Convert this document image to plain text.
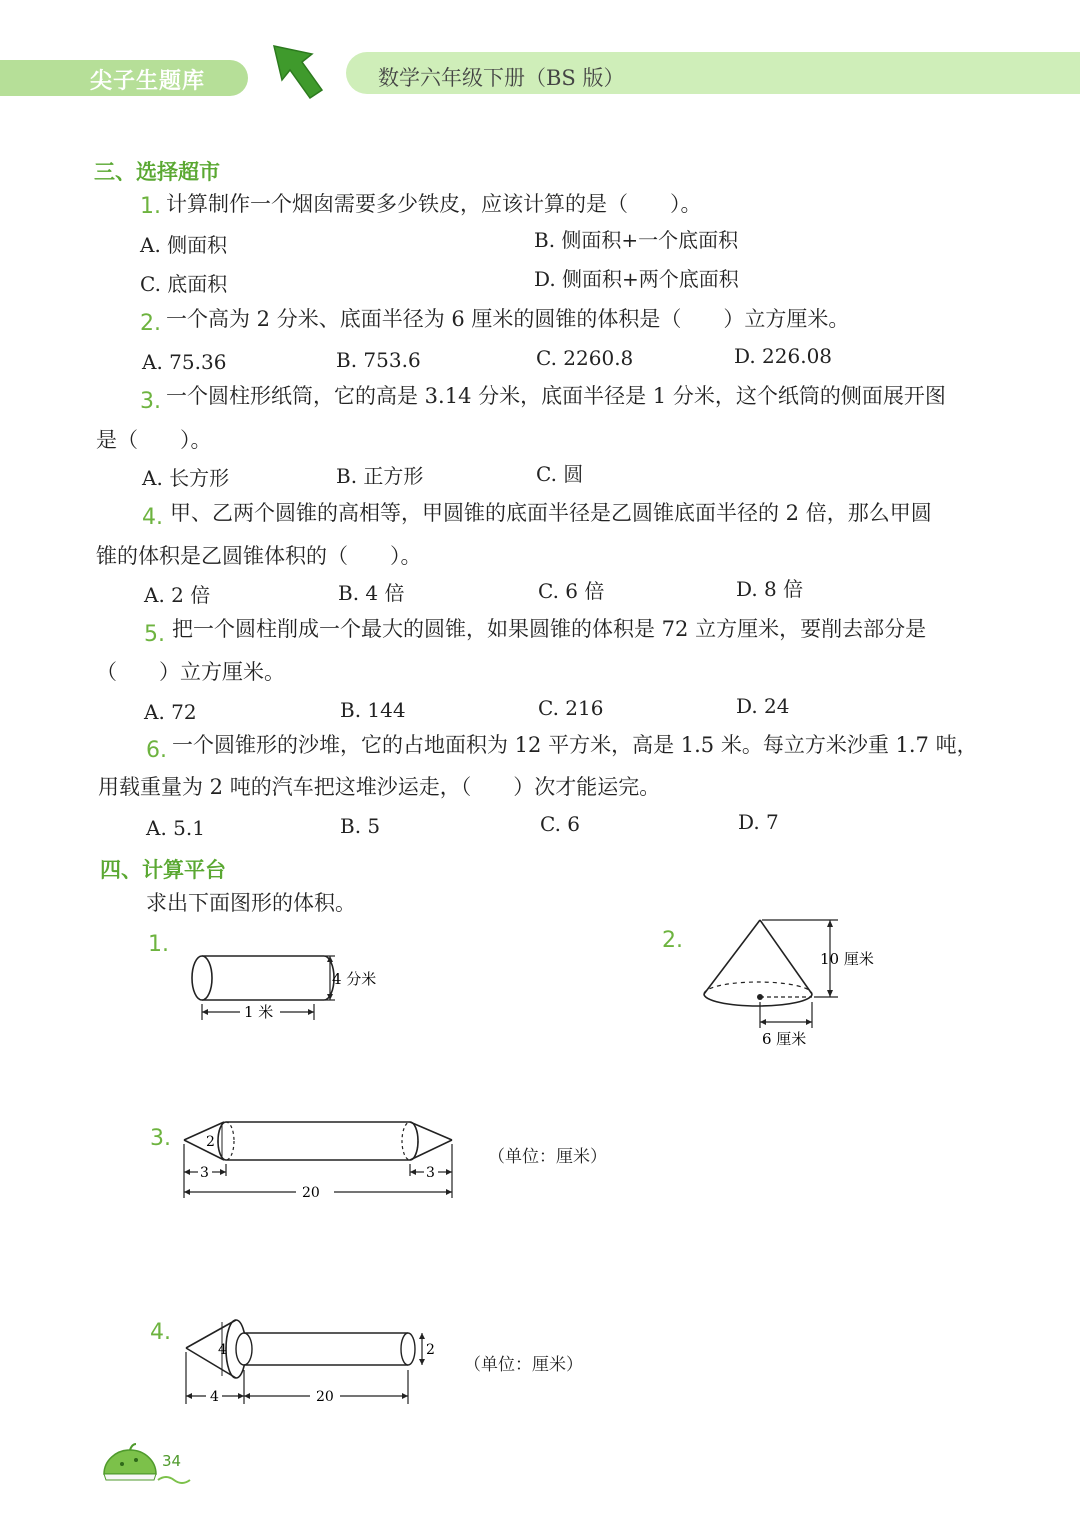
尖子生题库	数学六年级下册（BS 版）
三、选择超市
1. 计算制作一个烟囱需要多少铁皮，应该计算的是（　　）。
A. 侧面积	B. 侧面积+一个底面积
C. 底面积	D. 侧面积+两个底面积
2. 一个高为 2 分米、底面半径为 6 厘米的圆锥的体积是（　　）立方厘米。
A. 75.36	B. 753.6	C. 2260.8	D. 226.08
3. 一个圆柱形纸筒，它的高是 3.14 分米，底面半径是 1 分米，这个纸筒的侧面展开图
是（　　）。
A. 长方形	B. 正方形	C. 圆
4. 甲、乙两个圆锥的高相等，甲圆锥的底面半径是乙圆锥底面半径的 2 倍，那么甲圆
锥的体积是乙圆锥体积的（　　）。
A. 2 倍	B. 4 倍	C. 6 倍	D. 8 倍
5. 把一个圆柱削成一个最大的圆锥，如果圆锥的体积是 72 立方厘米，要削去部分是
（　　）立方厘米。
A. 72	B. 144	C. 216	D. 24
6. 一个圆锥形的沙堆，它的占地面积为 12 平方米，高是 1.5 米。每立方米沙重 1.7 吨，
用载重量为 2 吨的汽车把这堆沙运走，（　　）次才能运完。
A. 5.1	B. 5	C. 6	D. 7
四、计算平台
求出下面图形的体积。
1.
4 分米
1 米
2.
10 厘米
6 厘米
3.	2
3	3
20
（单位：厘米）
4.
4	2
4	20
（单位：厘米）
34
